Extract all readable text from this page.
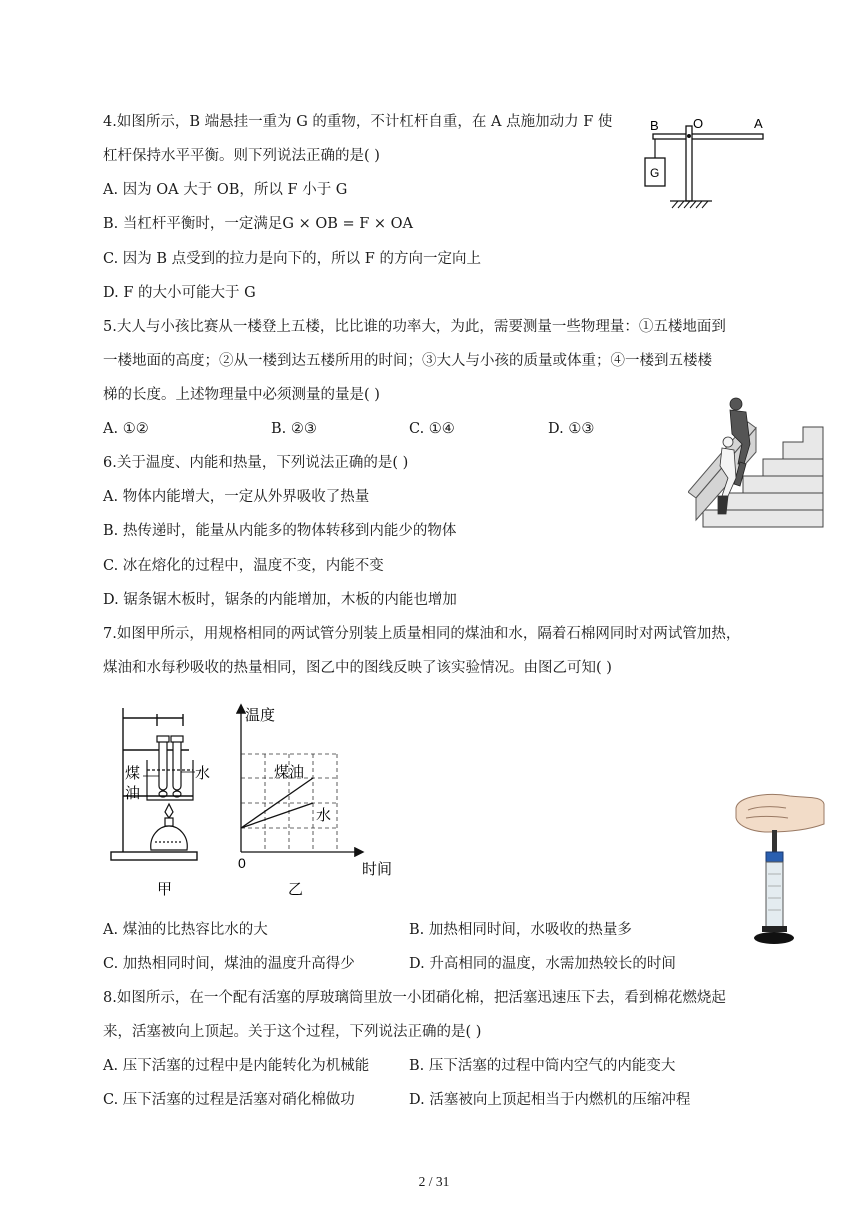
4.如图所示，B 端悬挂一重为 G 的重物，不计杠杆自重，在 A 点施加动力 F 使
杠杆保持水平平衡。则下列说法正确的是( )
A. 因为 OA 大于 OB，所以 F 小于 G
B. 当杠杆平衡时，一定满足G × OB = F × OA
C. 因为 B 点受到的拉力是向下的，所以 F 的方向一定向上
D. F 的大小可能大于 G
B	O	A
G
5.大人与小孩比赛从一楼登上五楼，比比谁的功率大，为此，需要测量一些物理量：①五楼地面到
一楼地面的高度；②从一楼到达五楼所用的时间；③大人与小孩的质量或体重；④一楼到五楼楼
梯的长度。上述物理量中必须测量的量是( )
A. ①②	B. ②③	C. ①④	D. ①③
6.关于温度、内能和热量，下列说法正确的是( )
A. 物体内能增大，一定从外界吸收了热量
B. 热传递时，能量从内能多的物体转移到内能少的物体
C. 冰在熔化的过程中，温度不变，内能不变
D. 锯条锯木板时，锯条的内能增加，木板的内能也增加
7.如图甲所示，用规格相同的两试管分别装上质量相同的煤油和水，隔着石棉网同时对两试管加热，
煤油和水每秒吸收的热量相同，图乙中的图线反映了该实验情况。由图乙可知( )
煤
油
水
甲
温度
时间
0
煤油
水
乙
A. 煤油的比热容比水的大	B. 加热相同时间，水吸收的热量多
C. 加热相同时间，煤油的温度升高得少	D. 升高相同的温度，水需加热较长的时间
8.如图所示，在一个配有活塞的厚玻璃筒里放一小团硝化棉，把活塞迅速压下去，看到棉花燃烧起
来，活塞被向上顶起。关于这个过程，下列说法正确的是( )
A. 压下活塞的过程中是内能转化为机械能	B. 压下活塞的过程中筒内空气的内能变大
C. 压下活塞的过程是活塞对硝化棉做功	D. 活塞被向上顶起相当于内燃机的压缩冲程
2 / 31
